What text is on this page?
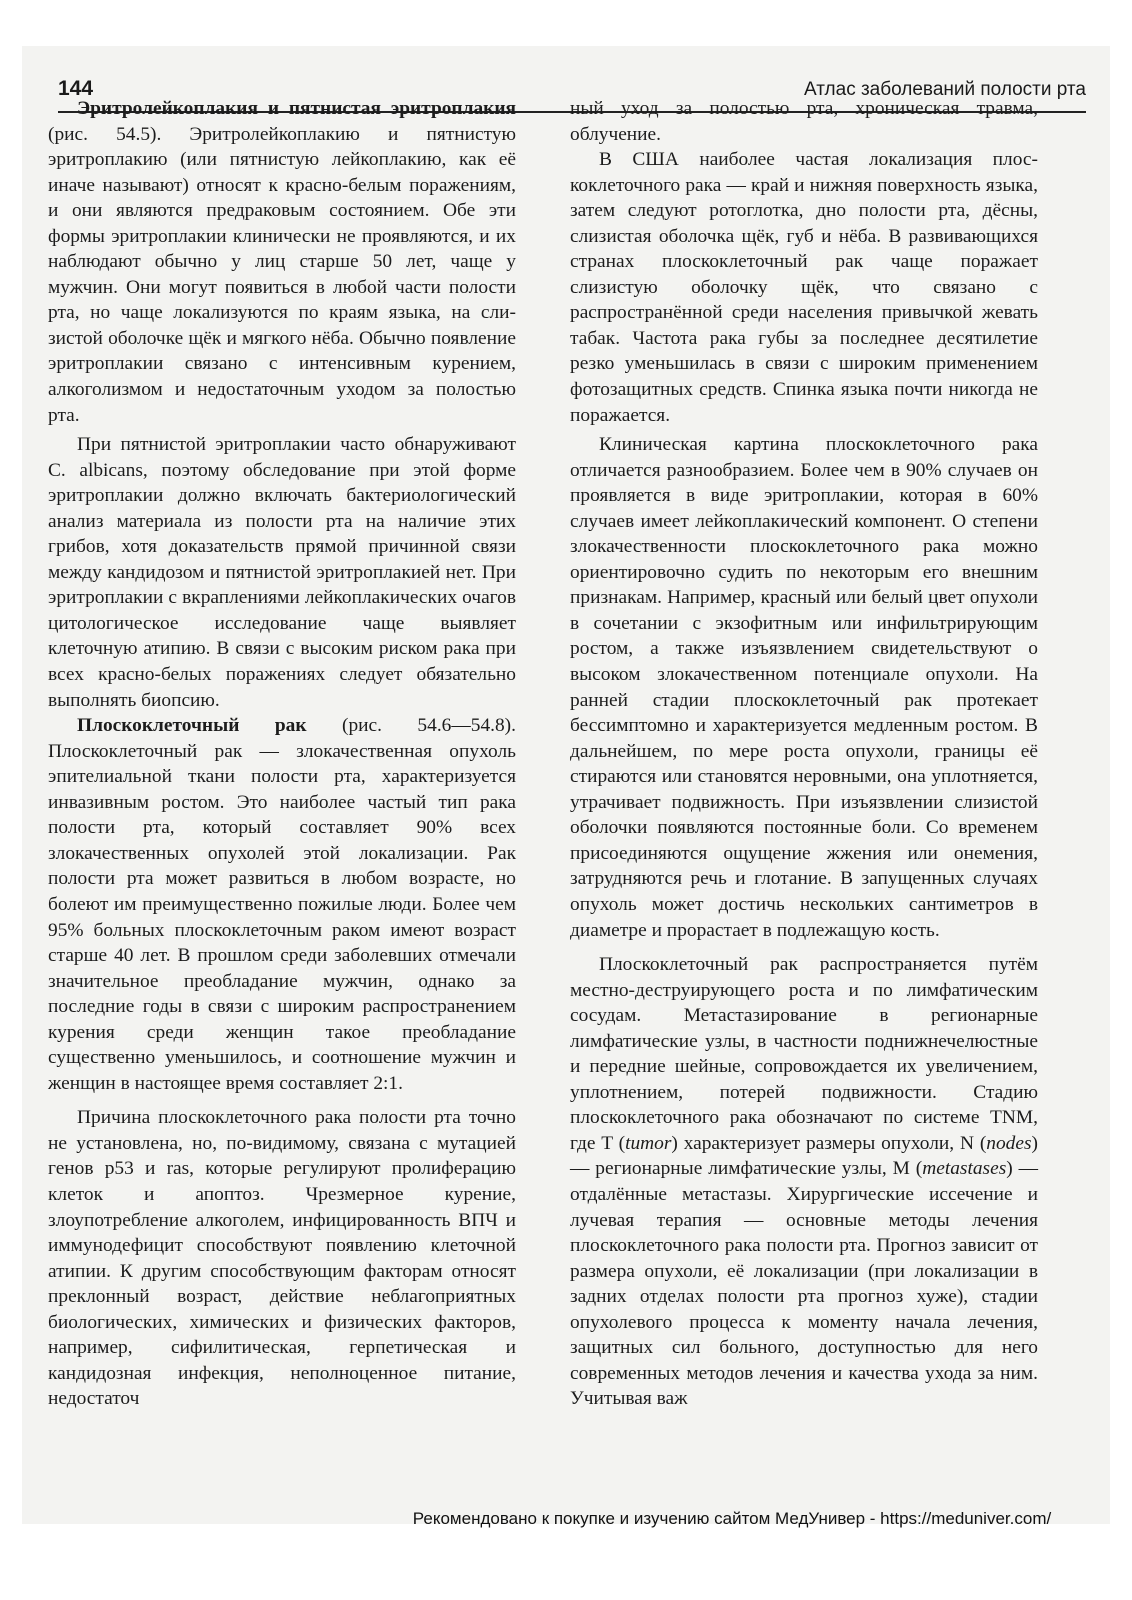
144	Атлас заболеваний полости рта

Эритролейкоплакия и пятнистая эритроплакия (рис. 54.5). Эритролейкоплакию и пятнистую эритроплакию (или пятнистую лейкоплакию, как её иначе называют) относят к красно-белым поражениям, и они являются предраковым состоянием. Обе эти формы эритроплакии клинически не проявляются, и их наблюдают обычно у лиц старше 50 лет, чаще у мужчин. Они могут появиться в любой части полости рта, но чаще локализуются по краям языка, на слизистой оболочке щёк и мягкого нёба. Обычно появление эритроплакии связано с интенсивным курением, алкоголизмом и недостаточным уходом за полостью рта.

При пятнистой эритроплакии часто обнаруживают C. albicans, поэтому обследование при этой форме эритроплакии должно включать бактериологический анализ материала из полости рта на наличие этих грибов, хотя доказательств прямой причинной связи между кандидозом и пятнистой эритроплакией нет. При эритроплакии с вкраплениями лейкоплакических очагов цитологическое исследование чаще выявляет клеточную атипию. В связи с высоким риском рака при всех красно-белых поражениях следует обязательно выполнять биопсию.

Плоскоклеточный рак (рис. 54.6—54.8). Плоскоклеточный рак — злокачественная опухоль эпителиальной ткани полости рта, характеризуется инвазивным ростом. Это наиболее частый тип рака полости рта, который составляет 90% всех злокачественных опухолей этой локализации. Рак полости рта может развиться в любом возрасте, но болеют им преимущественно пожилые люди. Более чем 95% больных плоскоклеточным раком имеют возраст старше 40 лет. В прошлом среди заболевших отмечали значительное преобладание мужчин, однако за последние годы в связи с широким распространением курения среди женщин такое преобладание существенно уменьшилось, и соотношение мужчин и женщин в настоящее время составляет 2:1.

Причина плоскоклеточного рака полости рта точно не установлена, но, по-видимому, связана с мутацией генов p53 и ras, которые регулируют пролиферацию клеток и апоптоз. Чрезмерное курение, злоупотребление алкоголем, инфицированность ВПЧ и иммунодефицит способствуют появлению клеточной атипии. К другим способствующим факторам относят преклонный возраст, действие неблагоприятных биологических, химических и физических факторов, например, сифилитическая, герпетическая и кандидозная инфекция, неполноценное питание, недостаточ

ный уход за полостью рта, хроническая травма, облучение.

В США наиболее частая локализация плоскоклеточного рака — край и нижняя поверхность языка, затем следуют ротоглотка, дно полости рта, дёсны, слизистая оболочка щёк, губ и нёба. В развивающихся странах плоскоклеточный рак чаще поражает слизистую оболочку щёк, что связано с распространённой среди населения привычкой жевать табак. Частота рака губы за последнее десятилетие резко уменьшилась в связи с широким применением фотозащитных средств. Спинка языка почти никогда не поражается.

Клиническая картина плоскоклеточного рака отличается разнообразием. Более чем в 90% случаев он проявляется в виде эритроплакии, которая в 60% случаев имеет лейкоплакический компонент. О степени злокачественности плоскоклеточного рака можно ориентировочно судить по некоторым его внешним признакам. Например, красный или белый цвет опухоли в сочетании с экзофитным или инфильтрирующим ростом, а также изъязвлением свидетельствуют о высоком злокачественном потенциале опухоли. На ранней стадии плоскоклеточный рак протекает бессимптомно и характеризуется медленным ростом. В дальнейшем, по мере роста опухоли, границы её стираются или становятся неровными, она уплотняется, утрачивает подвижность. При изъязвлении слизистой оболочки появляются постоянные боли. Со временем присоединяются ощущение жжения или онемения, затрудняются речь и глотание. В запущенных случаях опухоль может достичь нескольких сантиметров в диаметре и прорастает в подлежащую кость.

Плоскоклеточный рак распространяется путём местно-деструирующего роста и по лимфатическим сосудам. Метастазирование в регионарные лимфатические узлы, в частности поднижнечелюстные и передние шейные, сопровождается их увеличением, уплотнением, потерей подвижности. Стадию плоскоклеточного рака обозначают по системе TNM, где T (tumor) характеризует размеры опухоли, N (nodes) — регионарные лимфатические узлы, M (metastases) — отдалённые метастазы. Хирургические иссечение и лучевая терапия — основные методы лечения плоскоклеточного рака полости рта. Прогноз зависит от размера опухоли, её локализации (при локализации в задних отделах полости рта прогноз хуже), стадии опухолевого процесса к моменту начала лечения, защитных сил больного, доступностью для него современных методов лечения и качества ухода за ним. Учитывая важ

Рекомендовано к покупке и изучению сайтом МедУнивер - https://meduniver.com/
